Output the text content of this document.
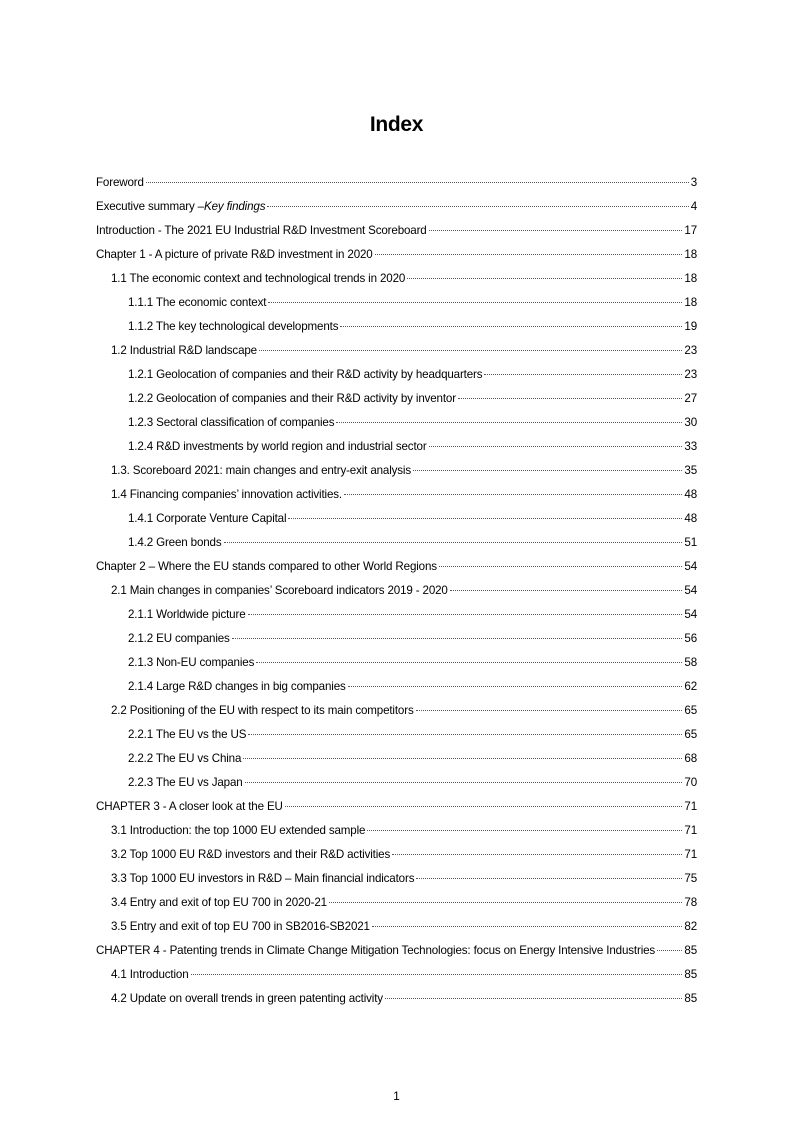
Index
Foreword	3
Executive summary –Key findings	4
Introduction - The 2021 EU Industrial R&D Investment Scoreboard	17
Chapter 1 - A picture of private R&D investment in 2020	18
1.1 The economic context and technological trends in 2020	18
1.1.1 The economic context	18
1.1.2 The key technological developments	19
1.2 Industrial R&D landscape	23
1.2.1 Geolocation of companies and their R&D activity by headquarters	23
1.2.2 Geolocation of companies and their R&D activity by inventor	27
1.2.3 Sectoral classification of companies	30
1.2.4 R&D investments by world region and industrial sector	33
1.3. Scoreboard 2021: main changes and entry-exit analysis	35
1.4 Financing companies’ innovation activities.	48
1.4.1 Corporate Venture Capital	48
1.4.2 Green bonds	51
Chapter 2 – Where the EU stands compared to other World Regions	54
2.1 Main changes in companies’ Scoreboard indicators 2019 - 2020	54
2.1.1 Worldwide picture	54
2.1.2 EU companies	56
2.1.3 Non-EU companies	58
2.1.4 Large R&D changes in big companies	62
2.2 Positioning of the EU with respect to its main competitors	65
2.2.1 The EU vs the US	65
2.2.2 The EU vs China	68
2.2.3 The EU vs Japan	70
CHAPTER 3 - A closer look at the EU	71
3.1 Introduction: the top 1000 EU extended sample	71
3.2 Top 1000 EU R&D investors and their R&D activities	71
3.3 Top 1000 EU investors in R&D – Main financial indicators	75
3.4 Entry and exit of top EU 700 in 2020-21	78
3.5 Entry and exit of top EU 700 in SB2016-SB2021	82
CHAPTER 4 - Patenting trends in Climate Change Mitigation Technologies: focus on Energy Intensive Industries	85
4.1 Introduction	85
4.2 Update on overall trends in green patenting activity	85
1
